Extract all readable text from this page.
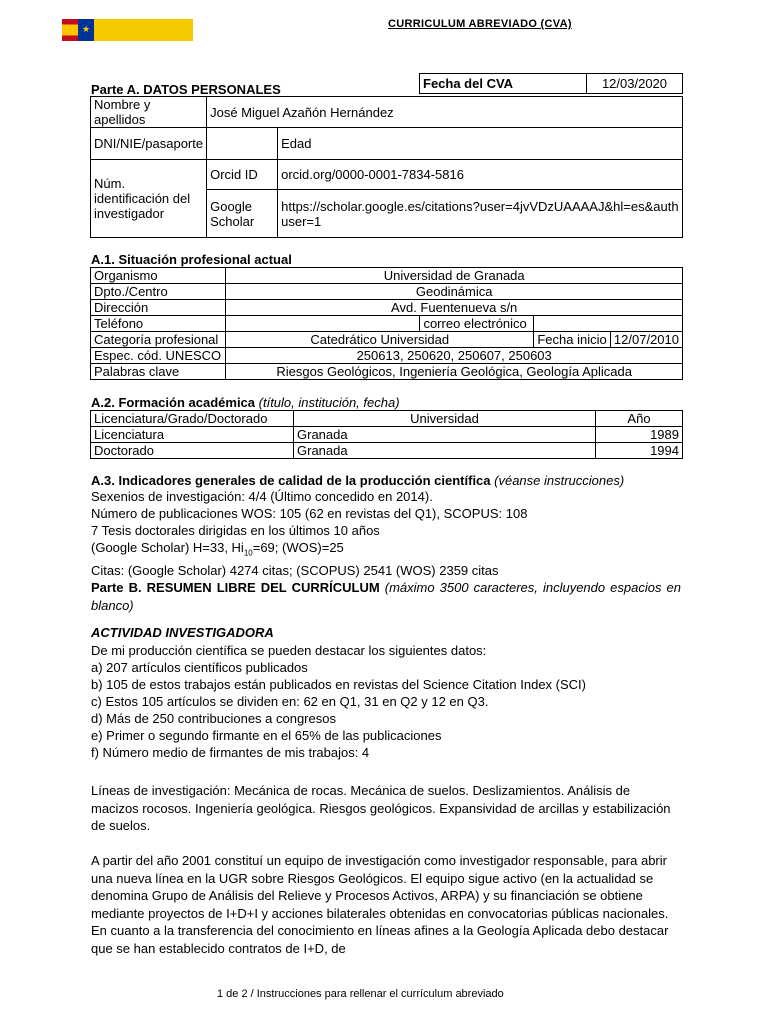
★
CURRICULUM ABREVIADO (CVA)
Parte A. DATOS PERSONALES	Fecha del CVA	12/03/2020
Nombre y apellidos	José Miguel Azañón Hernández	
DNI/NIE/pasaporte		Edad
Núm. identificación del investigador	Orcid ID	orcid.org/0000-0001-7834-5816
	Google Scholar	https://scholar.google.es/citations?user=4jvVDzUAAAAJ&hl=es&authuser=1
A.1. Situación profesional actual
Organismo	Universidad de Granada			
Dpto./Centro	Geodinámica			
Dirección	Avd. Fuentenueva s/n			
Teléfono		correo electrónico		
Categoría profesional	Catedrático Universidad		Fecha inicio	12/07/2010
Espec. cód. UNESCO	250613, 250620, 250607, 250603			
Palabras clave	Riesgos Geológicos, Ingeniería Geológica, Geología Aplicada			
A.2. Formación académica (título, institución, fecha)
Licenciatura/Grado/Doctorado	Universidad	Año
Licenciatura	Granada	1989
Doctorado	Granada	1994
A.3. Indicadores generales de calidad de la producción científica (véanse instrucciones)
Sexenios de investigación: 4/4 (Último concedido en 2014).
Número de publicaciones WOS: 105 (62 en revistas del Q1), SCOPUS: 108
7 Tesis doctorales dirigidas en los últimos 10 años
(Google Scholar) H=33, $Hi_{10}=69$; (WOS)=25
Citas: (Google Scholar) 4274 citas; (SCOPUS) 2541 (WOS) 2359 citas
Parte B. RESUMEN LIBRE DEL CURRÍCULUM (máximo 3500 caracteres, incluyendo espacios en blanco)
ACTIVIDAD INVESTIGADORA
De mi producción científica se pueden destacar los siguientes datos:
a) 207 artículos científicos publicados
b) 105 de estos trabajos están publicados en revistas del Science Citation Index (SCI)
c) Estos 105 artículos se dividen en: 62 en Q1, 31 en Q2 y 12 en Q3.
d) Más de 250 contribuciones a congresos
e) Primer o segundo firmante en el 65% de las publicaciones
f) Número medio de firmantes de mis trabajos: 4
Líneas de investigación: Mecánica de rocas. Mecánica de suelos. Deslizamientos. Análisis de macizos rocosos. Ingeniería geológica. Riesgos geológicos. Expansividad de arcillas y estabilización de suelos.
A partir del año 2001 constituí un equipo de investigación como investigador responsable, para abrir una nueva línea en la UGR sobre Riesgos Geológicos. El equipo sigue activo (en la actualidad se denomina Grupo de Análisis del Relieve y Procesos Activos, ARPA) y su financiación se obtiene mediante proyectos de I+D+I y acciones bilaterales obtenidas en convocatorias públicas nacionales. En cuanto a la transferencia del conocimiento en líneas afines a la Geología Aplicada debo destacar que se han establecido contratos de I+D, de
1 de 2 / Instrucciones para rellenar el currículum abreviado
